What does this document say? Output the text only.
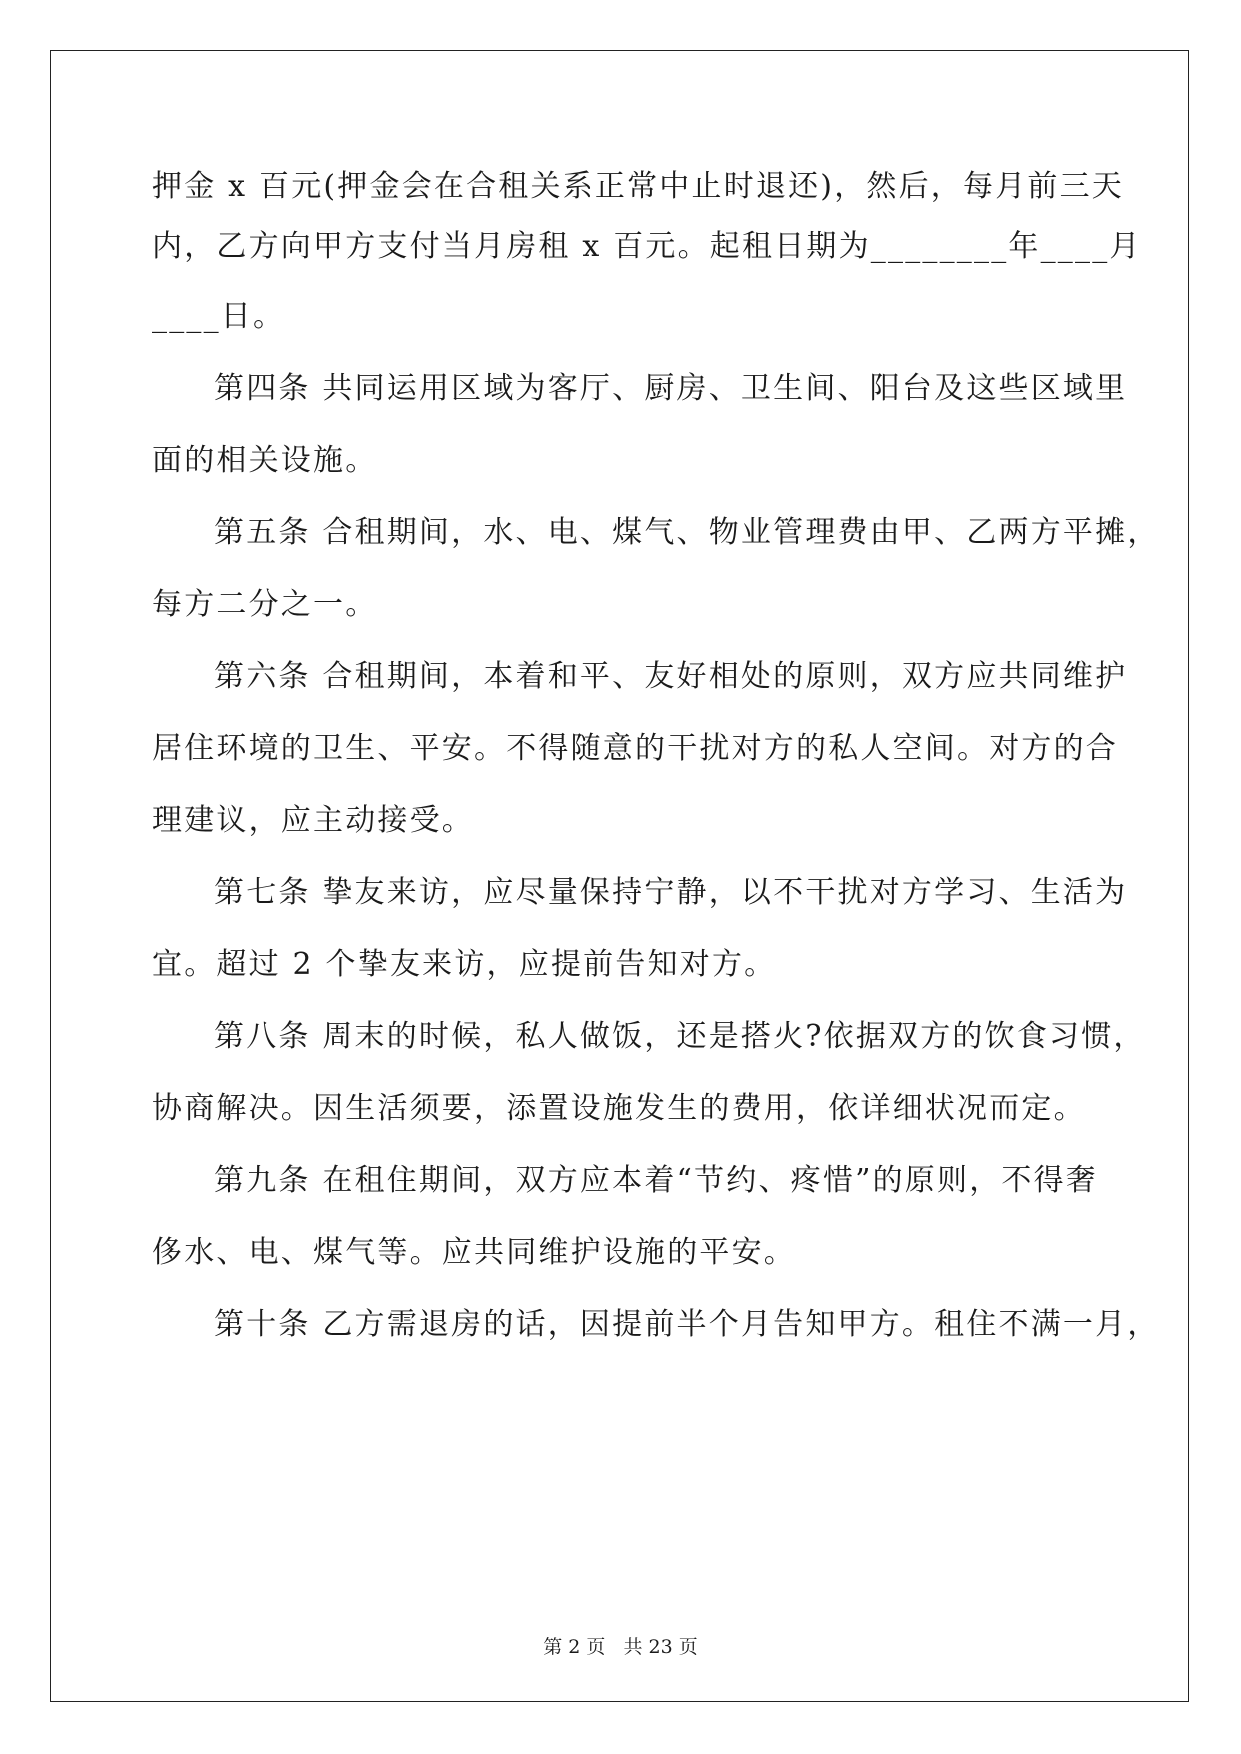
押金 x 百元(押金会在合租关系正常中止时退还)，然后，每月前三天
内，乙方向甲方支付当月房租 x 百元。起租日期为________年____月
____日。
第四条 共同运用区域为客厅、厨房、卫生间、阳台及这些区域里
面的相关设施。
第五条 合租期间，水、电、煤气、物业管理费由甲、乙两方平摊，
每方二分之一。
第六条 合租期间，本着和平、友好相处的原则，双方应共同维护
居住环境的卫生、平安。不得随意的干扰对方的私人空间。对方的合
理建议，应主动接受。
第七条 挚友来访，应尽量保持宁静，以不干扰对方学习、生活为
宜。超过 2 个挚友来访，应提前告知对方。
第八条 周末的时候，私人做饭，还是搭火?依据双方的饮食习惯，
协商解决。因生活须要，添置设施发生的费用，依详细状况而定。
第九条 在租住期间，双方应本着“节约、疼惜”的原则，不得奢
侈水、电、煤气等。应共同维护设施的平安。
第十条 乙方需退房的话，因提前半个月告知甲方。租住不满一月，
第 2 页 共 23 页
